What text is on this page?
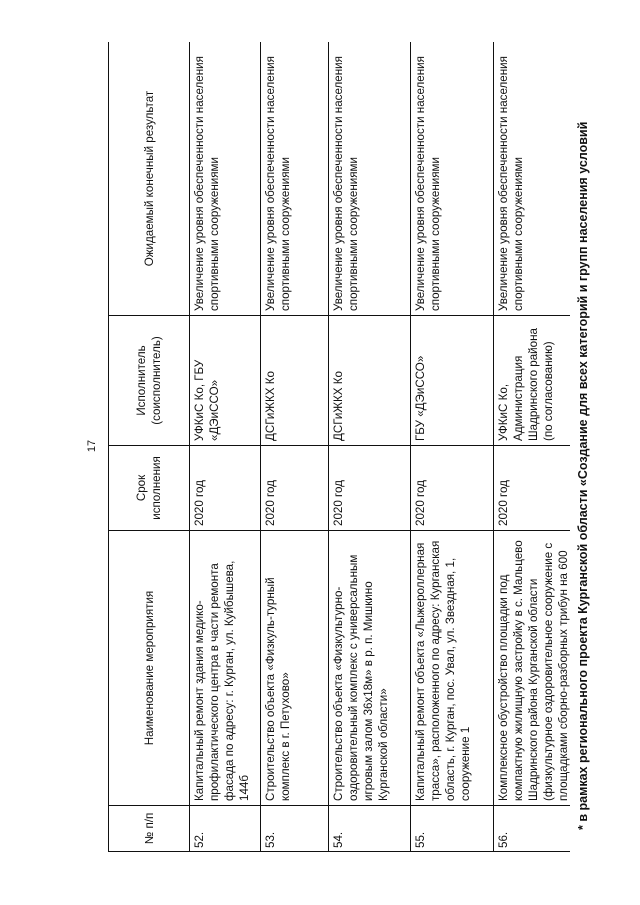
17
№ п/п	Наименование мероприятия	Срок исполнения	Исполнитель (соисполнитель)	Ожидаемый конечный результат
52.	Капитальный ремонт здания медико-профилактического центра в части ремонта фасада по адресу: г. Курган, ул. Куйбышева, 144б	2020 год	УФКиС Ко, ГБУ «ДЭиССО»	Увеличение уровня обеспеченности населения спортивными сооружениями
53.	Строительство объекта «Физкуль-турный комплекс в г. Петухово»	2020 год	ДСГиЖКХ Ко	Увеличение уровня обеспеченности населения спортивными сооружениями
54.	Строительство объекта «Физкультурно-оздоровительный комплекс с универсальным игровым залом 36х18м» в р. п. Мишкино Курганской области»	2020 год	ДСГиЖКХ Ко	Увеличение уровня обеспеченности населения спортивными сооружениями
55.	Капитальный ремонт объекта «Лыжероллерная трасса», расположенного по адресу: Курганская область, г. Курган, пос. Увал, ул. Звездная, 1, сооружение 1	2020 год	ГБУ «ДЭиССО»	Увеличение уровня обеспеченности населения спортивными сооружениями
56.	Комплексное обустройство площадки под компактную жилищную застройку в с. Мальцево Шадринского района Курганской области (физкультурное оздоровительное сооружение с площадками сборно-разборных трибун на 600	2020 год	УФКиС Ко, Администрация Шадринского района (по согласованию)	Увеличение уровня обеспеченности населения спортивными сооружениями	* в рамках регионального проекта Курганской области «Создание для всех категорий и групп населения условий
